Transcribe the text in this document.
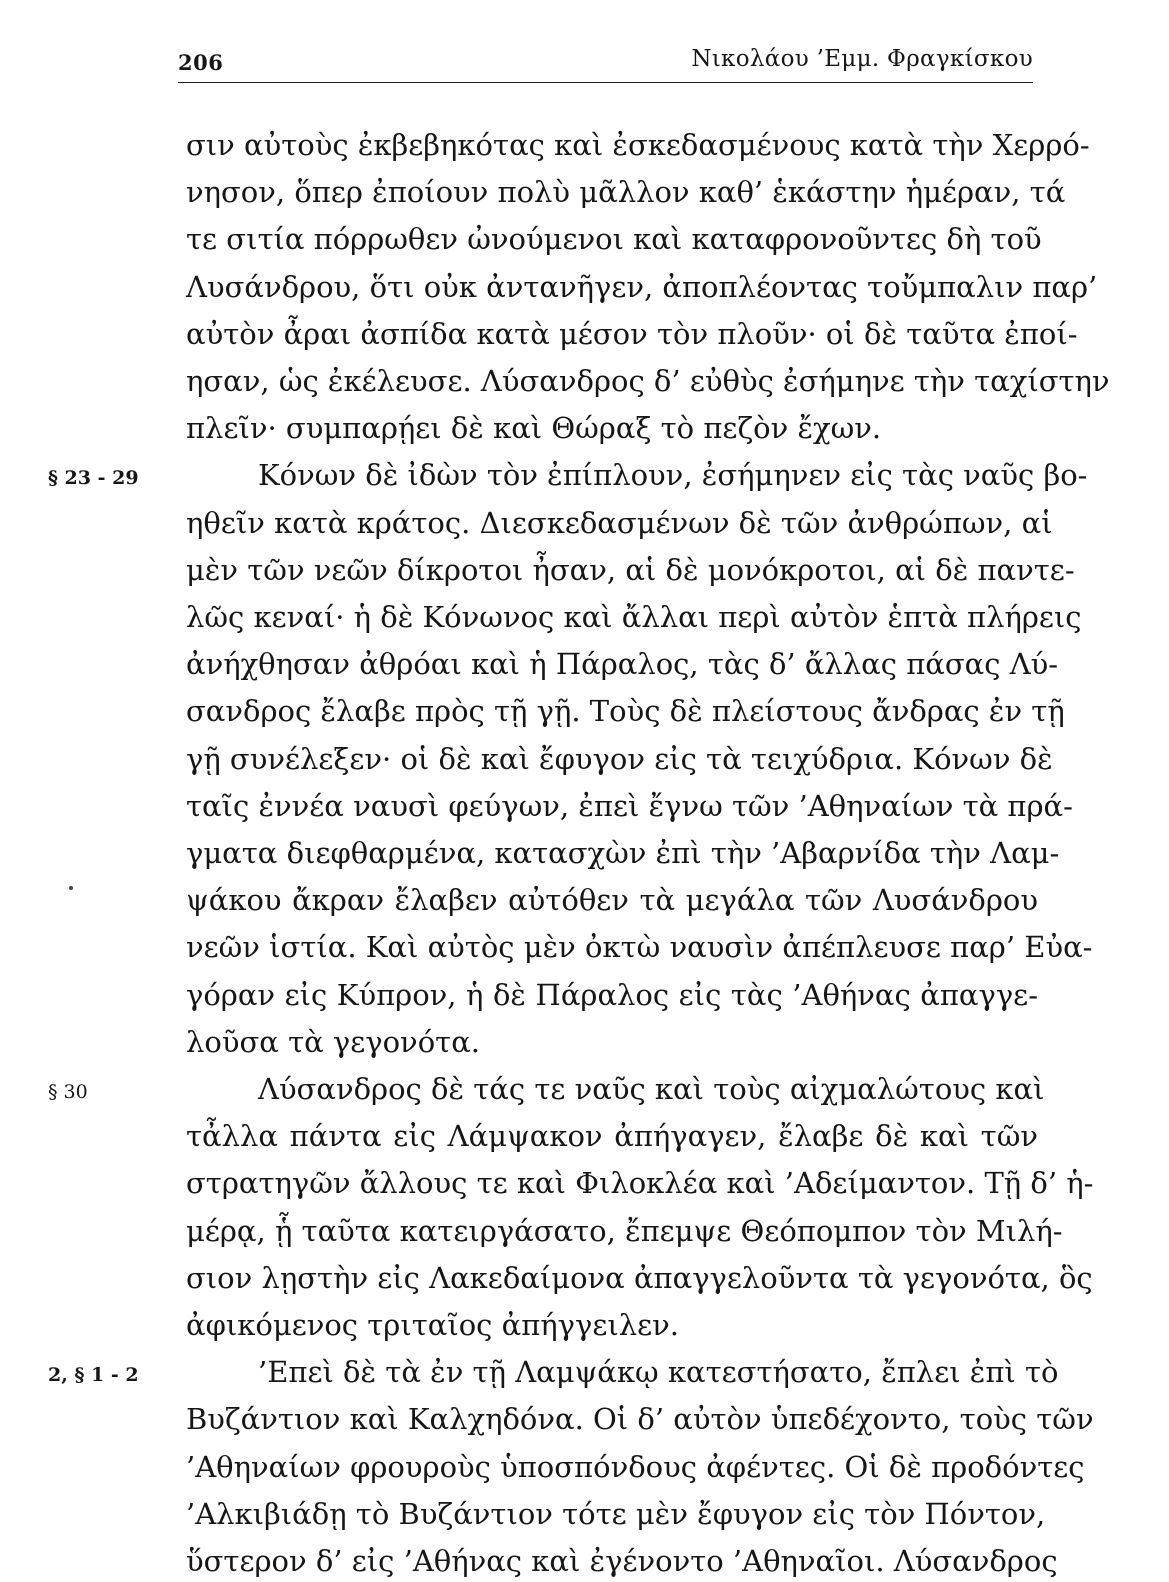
206	Νικολάου ’Εμμ. Φραγκίσκου
§ 23 - 29
§ 30
2, § 1 - 2
σιν αὐτοὺς ἐκβεβηκότας καὶ ἐσκεδασμένους κατὰ τὴν Χερρό-
νησον, ὅπερ ἐποίουν πολὺ μᾶλλον καθ’ ἑκάστην ἡμέραν, τά
τε σιτία πόρρωθεν ὠνούμενοι καὶ καταφρονοῦντες δὴ τοῦ
Λυσάνδρου, ὅτι οὐκ ἀντανῆγεν, ἀποπλέοντας τοὔμπαλιν παρ’
αὐτὸν ἆραι ἀσπίδα κατὰ μέσον τὸν πλοῦν· οἱ δὲ ταῦτα ἐποί-
ησαν, ὡς ἐκέλευσε. Λύσανδρος δ’ εὐθὺς ἐσήμηνε τὴν ταχίστην
πλεῖν· συμπαρῄει δὲ καὶ Θώραξ τὸ πεζὸν ἔχων.
Κόνων δὲ ἰδὼν τὸν ἐπίπλουν, ἐσήμηνεν εἰς τὰς ναῦς βο-
ηθεῖν κατὰ κράτος. Διεσκεδασμένων δὲ τῶν ἀνθρώπων, αἱ
μὲν τῶν νεῶν δίκροτοι ἦσαν, αἱ δὲ μονόκροτοι, αἱ δὲ παντε-
λῶς κεναί· ἡ δὲ Κόνωνος καὶ ἄλλαι περὶ αὐτὸν ἑπτὰ πλήρεις
ἀνήχθησαν ἀθρόαι καὶ ἡ Πάραλος, τὰς δ’ ἄλλας πάσας Λύ-
σανδρος ἔλαβε πρὸς τῇ γῇ. Τοὺς δὲ πλείστους ἄνδρας ἐν τῇ
γῇ συνέλεξεν· οἱ δὲ καὶ ἔφυγον εἰς τὰ τειχύδρια. Κόνων δὲ
ταῖς ἐννέα ναυσὶ φεύγων, ἐπεὶ ἔγνω τῶν ’Αθηναίων τὰ πρά-
γματα διεφθαρμένα, κατασχὼν ἐπὶ τὴν ’Αβαρνίδα τὴν Λαμ-
ψάκου ἄκραν ἔλαβεν αὐτόθεν τὰ μεγάλα τῶν Λυσάνδρου
νεῶν ἱστία. Καὶ αὐτὸς μὲν ὀκτὼ ναυσὶν ἀπέπλευσε παρ’ Εὐα-
γόραν εἰς Κύπρον, ἡ δὲ Πάραλος εἰς τὰς ’Αθήνας ἀπαγγε-
λοῦσα τὰ γεγονότα.
Λύσανδρος δὲ τάς τε ναῦς καὶ τοὺς αἰχμαλώτους καὶ
τἆλλα πάντα εἰς Λάμψακον ἀπήγαγεν, ἔλαβε δὲ καὶ τῶν
στρατηγῶν ἄλλους τε καὶ Φιλοκλέα καὶ ’Αδείμαντον. Τῇ δ’ ἡ-
μέρᾳ, ᾗ ταῦτα κατειργάσατο, ἔπεμψε Θεόπομπον τὸν Μιλή-
σιον λῃστὴν εἰς Λακεδαίμονα ἀπαγγελοῦντα τὰ γεγονότα, ὃς
ἀφικόμενος τριταῖος ἀπήγγειλεν.
’Επεὶ δὲ τὰ ἐν τῇ Λαμψάκῳ κατεστήσατο, ἔπλει ἐπὶ τὸ
Βυζάντιον καὶ Καλχηδόνα. Οἱ δ’ αὐτὸν ὑπεδέχοντο, τοὺς τῶν
’Αθηναίων φρουροὺς ὑποσπόνδους ἀφέντες. Οἱ δὲ προδόντες
’Αλκιβιάδῃ τὸ Βυζάντιον τότε μὲν ἔφυγον εἰς τὸν Πόντον,
ὕστερον δ’ εἰς ’Αθήνας καὶ ἐγένοντο ’Αθηναῖοι. Λύσανδρος
